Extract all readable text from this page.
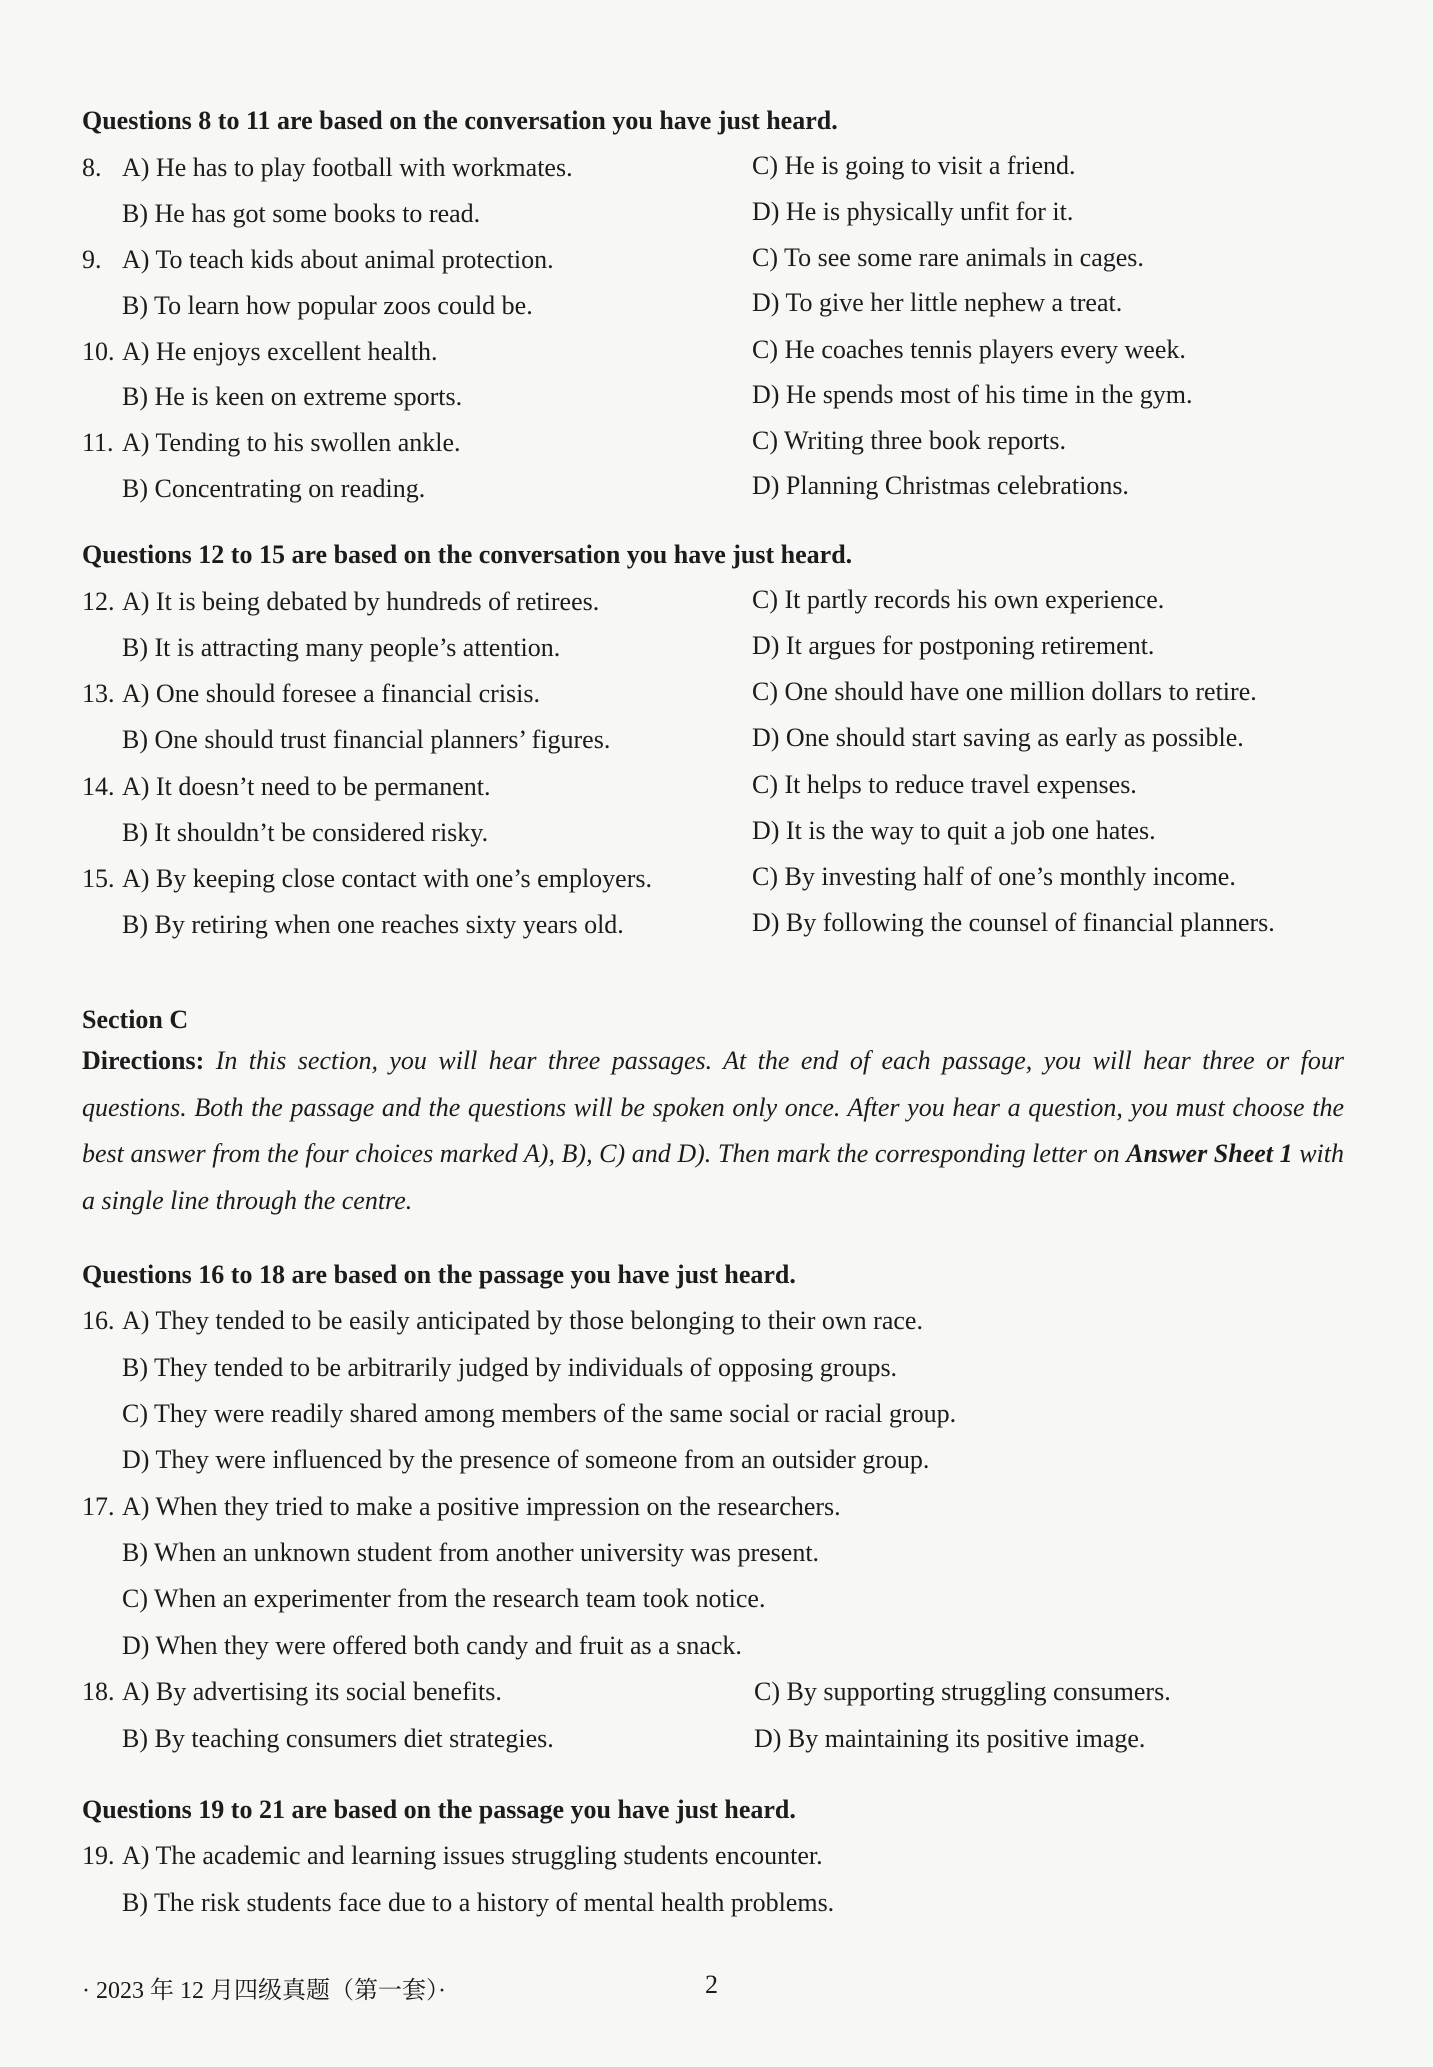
Questions 8 to 11 are based on the conversation you have just heard.
8. A) He has to play football with workmates.	C) He is going to visit a friend.
B) He has got some books to read.	D) He is physically unfit for it.
9. A) To teach kids about animal protection.	C) To see some rare animals in cages.
B) To learn how popular zoos could be.	D) To give her little nephew a treat.
10. A) He enjoys excellent health.	C) He coaches tennis players every week.
B) He is keen on extreme sports.	D) He spends most of his time in the gym.
11. A) Tending to his swollen ankle.	C) Writing three book reports.
B) Concentrating on reading.	D) Planning Christmas celebrations.
Questions 12 to 15 are based on the conversation you have just heard.
12. A) It is being debated by hundreds of retirees.	C) It partly records his own experience.
B) It is attracting many people’s attention.	D) It argues for postponing retirement.
13. A) One should foresee a financial crisis.	C) One should have one million dollars to retire.
B) One should trust financial planners’ figures.	D) One should start saving as early as possible.
14. A) It doesn’t need to be permanent.	C) It helps to reduce travel expenses.
B) It shouldn’t be considered risky.	D) It is the way to quit a job one hates.
15. A) By keeping close contact with one’s employers.	C) By investing half of one’s monthly income.
B) By retiring when one reaches sixty years old.	D) By following the counsel of financial planners.
Section C
Directions: In this section, you will hear three passages. At the end of each passage, you will hear three or four questions. Both the passage and the questions will be spoken only once. After you hear a question, you must choose the best answer from the four choices marked A), B), C) and D). Then mark the corresponding letter on Answer Sheet 1 with a single line through the centre.
Questions 16 to 18 are based on the passage you have just heard.
16. A) They tended to be easily anticipated by those belonging to their own race.
B) They tended to be arbitrarily judged by individuals of opposing groups.
C) They were readily shared among members of the same social or racial group.
D) They were influenced by the presence of someone from an outsider group.
17. A) When they tried to make a positive impression on the researchers.
B) When an unknown student from another university was present.
C) When an experimenter from the research team took notice.
D) When they were offered both candy and fruit as a snack.
18. A) By advertising its social benefits.	C) By supporting struggling consumers.
B) By teaching consumers diet strategies.	D) By maintaining its positive image.
Questions 19 to 21 are based on the passage you have just heard.
19. A) The academic and learning issues struggling students encounter.
B) The risk students face due to a history of mental health problems.
· 2023 年 12 月四级真题（第一套）·	2
